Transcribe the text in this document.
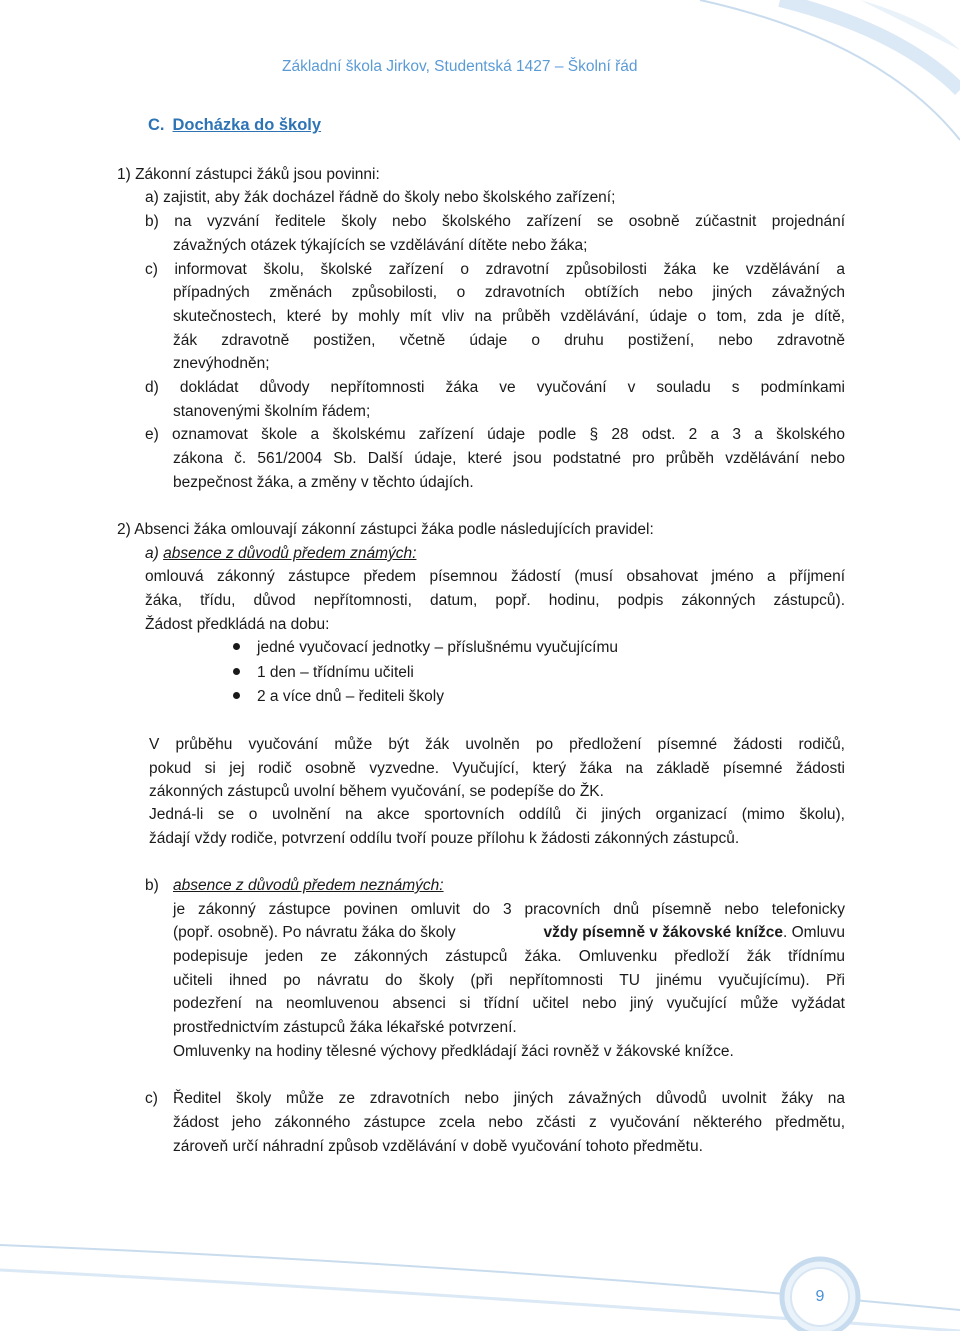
Základní škola Jirkov, Studentská 1427 – Školní řád
C. Docházka do školy
1) Zákonní zástupci žáků jsou povinni:
a) zajistit, aby žák docházel řádně do školy nebo školského zařízení;
b) na vyzvání ředitele školy nebo školského zařízení se osobně zúčastnit projednání
závažných otázek týkajících se vzdělávání dítěte nebo žáka;
c) informovat školu, školské zařízení o zdravotní způsobilosti žáka ke vzdělávání a
případných změnách způsobilosti, o zdravotních obtížích nebo jiných závažných
skutečnostech, které by mohly mít vliv na průběh vzdělávání, údaje o tom, zda je dítě,
žák zdravotně postižen, včetně údaje o druhu postižení, nebo zdravotně
znevýhodněn;
d) dokládat důvody nepřítomnosti žáka ve vyučování v souladu s podmínkami
stanovenými školním řádem;
e) oznamovat škole a školskému zařízení údaje podle § 28 odst. 2 a 3 a školského
zákona č. 561/2004 Sb. Další údaje, které jsou podstatné pro průběh vzdělávání nebo
bezpečnost žáka, a změny v těchto údajích.
2) Absenci žáka omlouvají zákonní zástupci žáka podle následujících pravidel:
a) absence z důvodů předem známých:
omlouvá zákonný zástupce předem písemnou žádostí (musí obsahovat jméno a příjmení
žáka, třídu, důvod nepřítomnosti, datum, popř. hodinu, podpis zákonných zástupců).
Žádost předkládá na dobu:
jedné vyučovací jednotky – příslušnému vyučujícímu
1 den – třídnímu učiteli
2 a více dnů – řediteli školy
V průběhu vyučování může být žák uvolněn po předložení písemné žádosti rodičů,
pokud si jej rodič osobně vyzvedne. Vyučující, který žáka na základě písemné žádosti
zákonných zástupců uvolní během vyučování, se podepíše do ŽK.
Jedná-li se o uvolnění na akce sportovních oddílů či jiných organizací (mimo školu),
žádají vždy rodiče, potvrzení oddílu tvoří pouze přílohu k žádosti zákonných zástupců.
b) absence z důvodů předem neznámých:
je zákonný zástupce povinen omluvit do 3 pracovních dnů písemně nebo telefonicky
(popř. osobně). Po návratu žáka do školy	vždy písemně v žákovské knížce. Omluvu
podepisuje jeden ze zákonných zástupců žáka. Omluvenku předloží žák třídnímu
učiteli ihned po návratu do školy (při nepřítomnosti TU jinému vyučujícímu). Při
podezření na neomluvenou absenci si třídní učitel nebo jiný vyučující může vyžádat
prostřednictvím zástupců žáka lékařské potvrzení.
Omluvenky na hodiny tělesné výchovy předkládají žáci rovněž v žákovské knížce.
c) Ředitel školy může ze zdravotních nebo jiných závažných důvodů uvolnit žáky na
žádost jeho zákonného zástupce zcela nebo zčásti z vyučování některého předmětu,
zároveň určí náhradní způsob vzdělávání v době vyučování tohoto předmětu.
9
